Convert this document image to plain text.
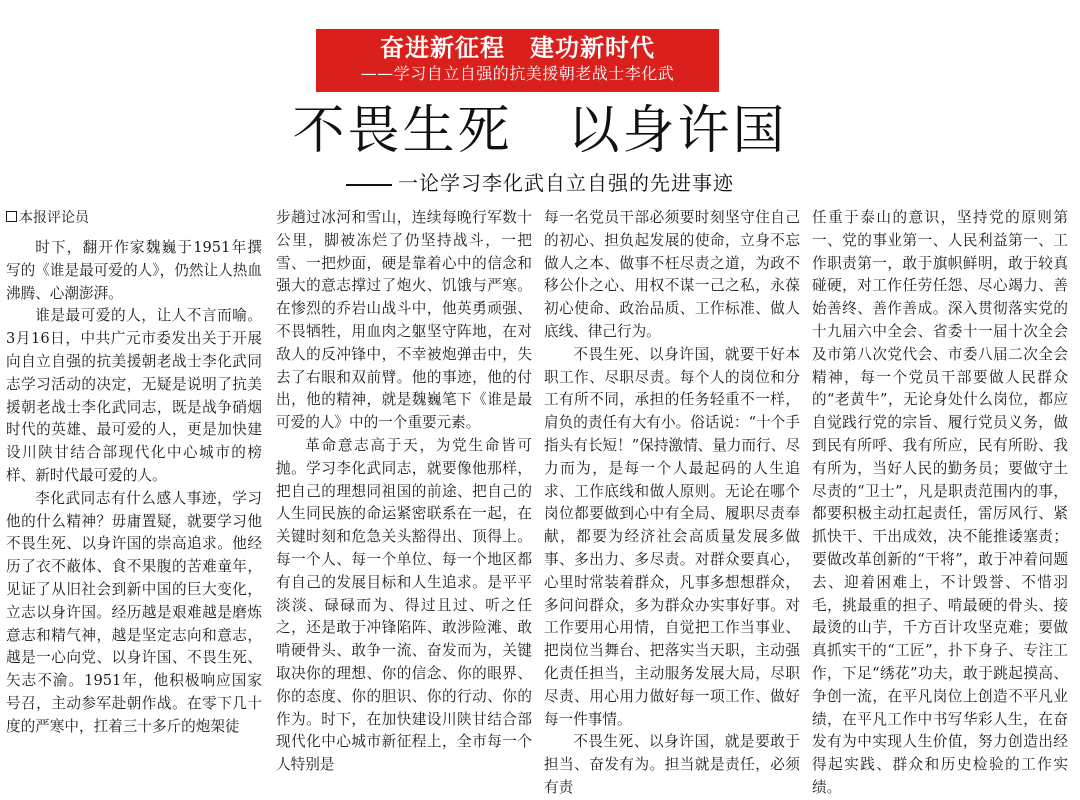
奋进新征程　建功新时代
——学习自立自强的抗美援朝老战士李化武
不畏生死　以身许国
一论学习李化武自立自强的先进事迹
本报评论员

时下，翻开作家魏巍于1951年撰写的《谁是最可爱的人》，仍然让人热血沸腾、心潮澎湃。

谁是最可爱的人，让人不言而喻。3月16日，中共广元市委发出关于开展向自立自强的抗美援朝老战士李化武同志学习活动的决定，无疑是说明了抗美援朝老战士李化武同志，既是战争硝烟时代的英雄、最可爱的人，更是加快建设川陕甘结合部现代化中心城市的榜样、新时代最可爱的人。

李化武同志有什么感人事迹，学习他的什么精神？毋庸置疑，就要学习他不畏生死、以身许国的崇高追求。他经历了衣不蔽体、食不果腹的苦难童年，见证了从旧社会到新中国的巨大变化，立志以身许国。经历越是艰难越是磨炼意志和精气神，越是坚定志向和意志，越是一心向党、以身许国、不畏生死、矢志不渝。1951年，他积极响应国家号召，主动参军赴朝作战。在零下几十度的严寒中，扛着三十多斤的炮架徒

步趟过冰河和雪山，连续每晚行军数十公里，脚被冻烂了仍坚持战斗，一把雪、一把炒面，硬是靠着心中的信念和强大的意志撑过了炮火、饥饿与严寒。在惨烈的乔岩山战斗中，他英勇顽强、不畏牺牲，用血肉之躯坚守阵地，在对敌人的反冲锋中，不幸被炮弹击中，失去了右眼和双前臂。他的事迹，他的付出，他的精神，就是魏巍笔下《谁是最可爱的人》中的一个重要元素。

革命意志高于天，为党生命皆可抛。学习李化武同志，就要像他那样，把自己的理想同祖国的前途、把自己的人生同民族的命运紧密联系在一起，在关键时刻和危急关头豁得出、顶得上。每一个人、每一个单位、每一个地区都有自己的发展目标和人生追求。是平平淡淡、碌碌而为、得过且过、听之任之，还是敢于冲锋陷阵、敢涉险滩、敢啃硬骨头、敢争一流、奋发而为，关键取决你的理想、你的信念、你的眼界、你的态度、你的胆识、你的行动、你的作为。时下，在加快建设川陕甘结合部现代化中心城市新征程上，全市每一个人特别是

每一名党员干部必须要时刻坚守住自己的初心、担负起发展的使命，立身不忘做人之本、做事不枉尽责之道，为政不移公仆之心、用权不谋一己之私，永葆初心使命、政治品质、工作标准、做人底线、律己行为。

不畏生死、以身许国，就要干好本职工作、尽职尽责。每个人的岗位和分工有所不同，承担的任务轻重不一样，肩负的责任有大有小。俗话说：“十个手指头有长短！”保持激情、量力而行、尽力而为，是每一个人最起码的人生追求、工作底线和做人原则。无论在哪个岗位都要做到心中有全局、履职尽责奉献，都要为经济社会高质量发展多做事、多出力、多尽责。对群众要真心，心里时常装着群众，凡事多想想群众，多问问群众，多为群众办实事好事。对工作要用心用情，自觉把工作当事业、把岗位当舞台、把落实当天职，主动强化责任担当，主动服务发展大局，尽职尽责、用心用力做好每一项工作、做好每一件事情。

不畏生死、以身许国，就是要敢于担当、奋发有为。担当就是责任，必须有责

任重于泰山的意识，坚持党的原则第一、党的事业第一、人民利益第一、工作职责第一，敢于旗帜鲜明，敢于较真碰硬，对工作任劳任怨、尽心竭力、善始善终、善作善成。深入贯彻落实党的十九届六中全会、省委十一届十次全会及市第八次党代会、市委八届二次全会精神，每一个党员干部要做人民群众的“老黄牛”，无论身处什么岗位，都应自觉践行党的宗旨、履行党员义务，做到民有所呼、我有所应，民有所盼、我有所为，当好人民的勤务员；要做守土尽责的“卫士”，凡是职责范围内的事，都要积极主动扛起责任，雷厉风行、紧抓快干、干出成效，决不能推诿塞责；要做改革创新的“干将”，敢于冲着问题去、迎着困难上，不计毁誉、不惜羽毛，挑最重的担子、啃最硬的骨头、接最烫的山芋，千方百计攻坚克难；要做真抓实干的“工匠”，扑下身子、专注工作，下足“绣花”功夫，敢于跳起摸高、争创一流，在平凡岗位上创造不平凡业绩，在平凡工作中书写华彩人生，在奋发有为中实现人生价值，努力创造出经得起实践、群众和历史检验的工作实绩。
